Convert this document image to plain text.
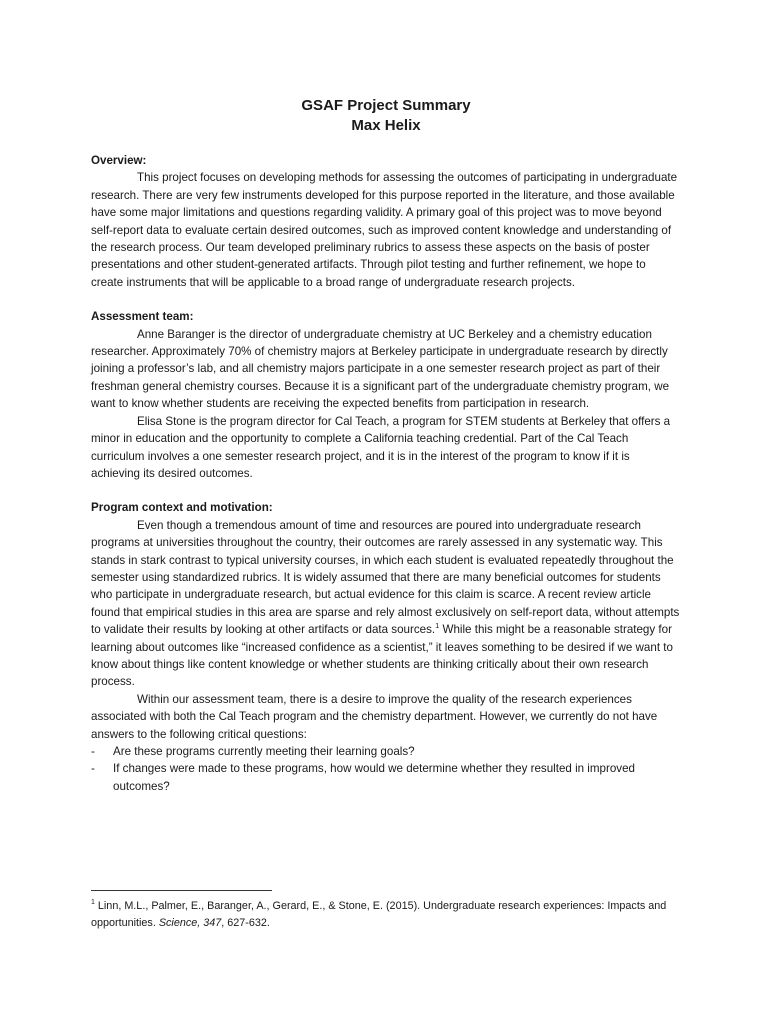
GSAF Project Summary

Max Helix

Overview:

This project focuses on developing methods for assessing the outcomes of participating in undergraduate research. There are very few instruments developed for this purpose reported in the literature, and those available have some major limitations and questions regarding validity. A primary goal of this project was to move beyond self-report data to evaluate certain desired outcomes, such as improved content knowledge and understanding of the research process. Our team developed preliminary rubrics to assess these aspects on the basis of poster presentations and other student-generated artifacts. Through pilot testing and further refinement, we hope to create instruments that will be applicable to a broad range of undergraduate research projects.

Assessment team:

Anne Baranger is the director of undergraduate chemistry at UC Berkeley and a chemistry education researcher. Approximately 70% of chemistry majors at Berkeley participate in undergraduate research by directly joining a professor’s lab, and all chemistry majors participate in a one semester research project as part of their freshman general chemistry courses. Because it is a significant part of the undergraduate chemistry program, we want to know whether students are receiving the expected benefits from participation in research.

Elisa Stone is the program director for Cal Teach, a program for STEM students at Berkeley that offers a minor in education and the opportunity to complete a California teaching credential. Part of the Cal Teach curriculum involves a one semester research project, and it is in the interest of the program to know if it is achieving its desired outcomes.

Program context and motivation:

Even though a tremendous amount of time and resources are poured into undergraduate research programs at universities throughout the country, their outcomes are rarely assessed in any systematic way. This stands in stark contrast to typical university courses, in which each student is evaluated repeatedly throughout the semester using standardized rubrics. It is widely assumed that there are many beneficial outcomes for students who participate in undergraduate research, but actual evidence for this claim is scarce. A recent review article found that empirical studies in this area are sparse and rely almost exclusively on self-report data, without attempts to validate their results by looking at other artifacts or data sources.$^1$ While this might be a reasonable strategy for learning about outcomes like “increased confidence as a scientist,” it leaves something to be desired if we want to know about things like content knowledge or whether students are thinking critically about their own research process.

Within our assessment team, there is a desire to improve the quality of the research experiences associated with both the Cal Teach program and the chemistry department. However, we currently do not have answers to the following critical questions:

- Are these programs currently meeting their learning goals?
- If changes were made to these programs, how would we determine whether they resulted in improved outcomes?
$^1$ Linn, M.L., Palmer, E., Baranger, A., Gerard, E., & Stone, E. (2015). Undergraduate research experiences: Impacts and opportunities. Science, 347, 627-632.
